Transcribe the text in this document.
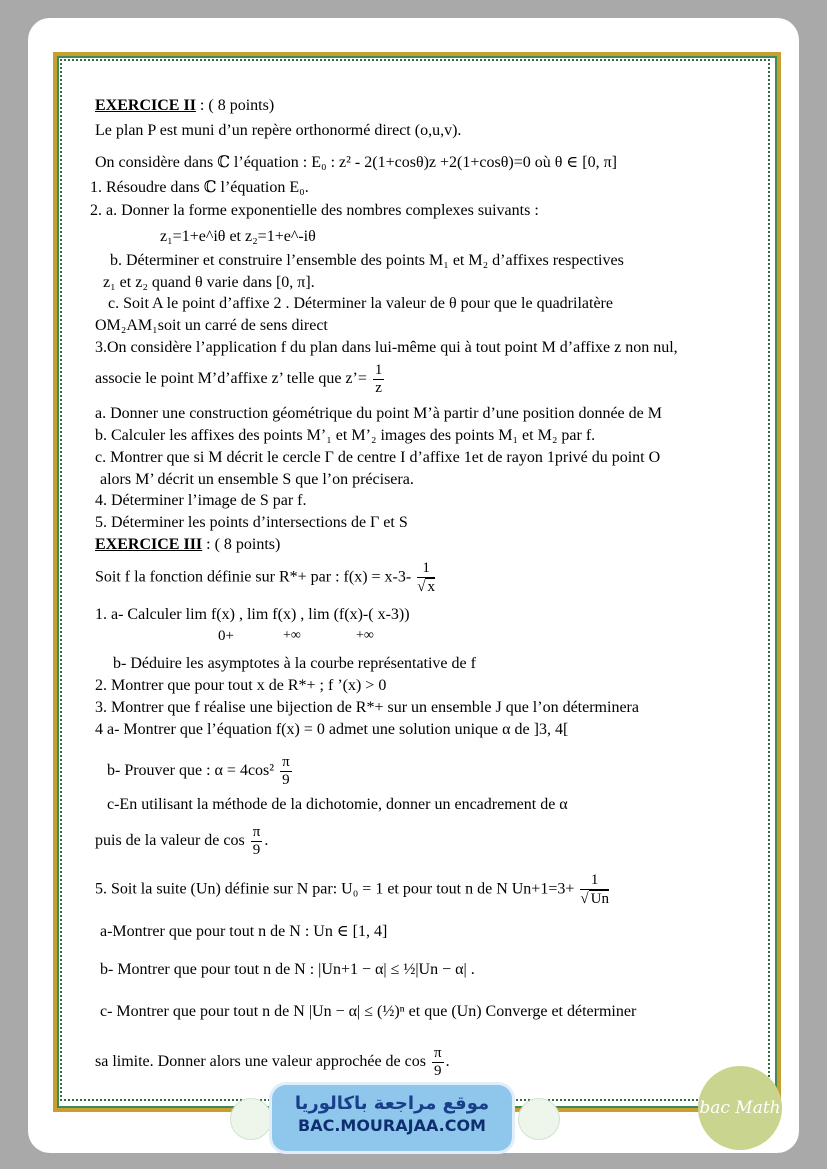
EXERCICE II : ( 8 points)
Le plan P est muni d’un repère orthonormé direct (o,u,v).
On considère dans ℂ l’équation : E₀ : z² - 2(1+cosθ)z +2(1+cosθ)=0 où θ ∈ [0, π]
1. Résoudre dans ℂ l’équation E₀.
2. a. Donner la forme exponentielle des nombres complexes suivants :
z₁=1+e^iθ et z₂=1+e^-iθ
b. Déterminer et construire l’ensemble des points M₁ et M₂ d’affixes respectives
z₁ et z₂ quand θ varie dans [0, π].
c. Soit A le point d’affixe 2 . Déterminer la valeur de θ pour que le quadrilatère
OM₂AM₁soit un carré de sens direct
3.On considère l’application f du plan dans lui-même qui à tout point M d’affixe z non nul,
associe le point M’d’affixe z’ telle que z’= $\frac{1}{z}$
a. Donner une construction géométrique du point M’à partir d’une position donnée de M
b. Calculer les affixes des points M’₁ et M’₂ images des points M₁ et M₂ par f.
c. Montrer que si M décrit le cercle Γ de centre I d’affixe 1et de rayon 1privé du point O
alors M’ décrit un ensemble S que l’on précisera.
4. Déterminer l’image de S par f.
5. Déterminer les points d’intersections de Γ et S
EXERCICE III : ( 8 points)
Soit f la fonction définie sur R*+ par : $f(x) = x-3- \frac{1}{√ x}$
1. a- Calculer lim f(x) , lim f(x) , lim (f(x)-( x-3))
0+	+∞	+∞
b- Déduire les asymptotes à la courbe représentative de f
2. Montrer que pour tout x de R*+ ; f ’(x) > 0
3. Montrer que f réalise une bijection de R*+ sur un ensemble J que l’on déterminera
4 a- Montrer que l’équation f(x) = 0 admet une solution unique α de ]3, 4[
b- Prouver que : $\alpha = 4\cos^2 \frac{\pi}{9}$
c-En utilisant la méthode de la dichotomie, donner un encadrement de α
puis de la valeur de $\cos \frac{\pi}{9}$ .
5. Soit la suite (Un) définie sur N par: U₀ = 1 et pour tout n de N $Un+1=3+ \frac{1}{√ Un}$
a-Montrer que pour tout n de N : Un ∈ [1, 4]
b- Montrer que pour tout n de N : |Un+1 − α| ≤ ½|Un − α| .
c- Montrer que pour tout n de N |Un − α| ≤ (½)ⁿ et que (Un) Converge et déterminer
sa limite. Donner alors une valeur approchée de $\cos \frac{\pi}{9}$ .
موقع مراجعة باكالوريا
BAC.MOURAJAA.COM
bac Math
